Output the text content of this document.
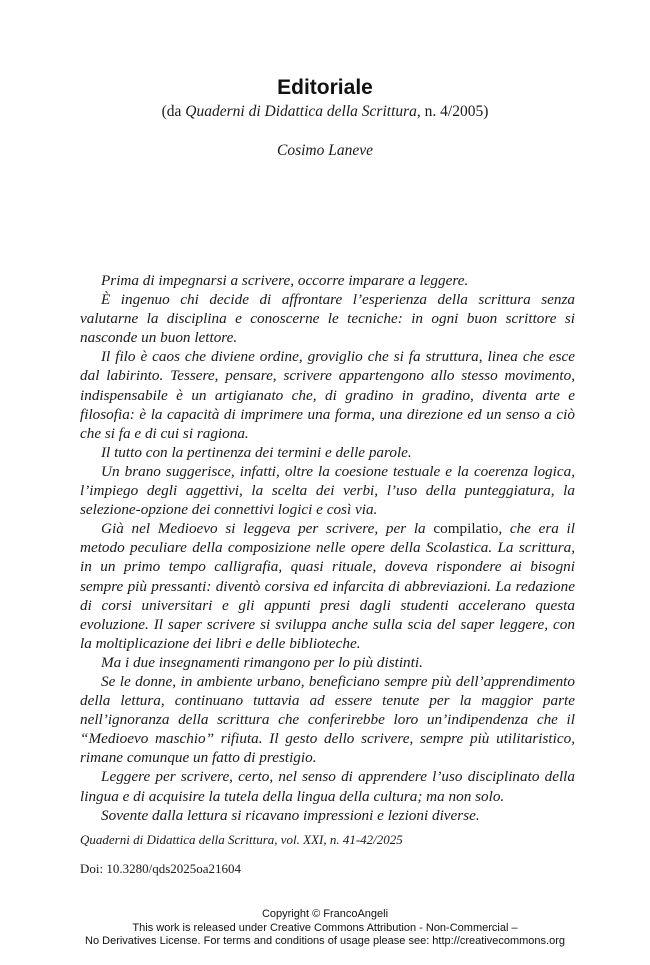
Editoriale
(da Quaderni di Didattica della Scrittura, n. 4/2005)
Cosimo Laneve

Prima di impegnarsi a scrivere, occorre imparare a leggere.

È ingenuo chi decide di affrontare l’esperienza della scrittura senza valutarne la disciplina e conoscerne le tecniche: in ogni buon scrittore si nasconde un buon lettore.

Il filo è caos che diviene ordine, groviglio che si fa struttura, linea che esce dal labirinto. Tessere, pensare, scrivere appartengono allo stesso movimento, indispensabile è un artigianato che, di gradino in gradino, diventa arte e filosofia: è la capacità di imprimere una forma, una direzione ed un senso a ciò che si fa e di cui si ragiona.

Il tutto con la pertinenza dei termini e delle parole.

Un brano suggerisce, infatti, oltre la coesione testuale e la coerenza logica, l’impiego degli aggettivi, la scelta dei verbi, l’uso della punteggiatura, la selezione-opzione dei connettivi logici e così via.

Già nel Medioevo si leggeva per scrivere, per la compilatio, che era il metodo peculiare della composizione nelle opere della Scolastica. La scrittura, in un primo tempo calligrafia, quasi rituale, doveva rispondere ai bisogni sempre più pressanti: diventò corsiva ed infarcita di abbreviazioni. La redazione di corsi universitari e gli appunti presi dagli studenti accelerano questa evoluzione. Il saper scrivere si sviluppa anche sulla scia del saper leggere, con la moltiplicazione dei libri e delle biblioteche.

Ma i due insegnamenti rimangono per lo più distinti.

Se le donne, in ambiente urbano, beneficiano sempre più dell’apprendimento della lettura, continuano tuttavia ad essere tenute per la maggior parte nell’ignoranza della scrittura che conferirebbe loro un’indipendenza che il “Medioevo maschio” rifiuta. Il gesto dello scrivere, sempre più utilitaristico, rimane comunque un fatto di prestigio.

Leggere per scrivere, certo, nel senso di apprendere l’uso disciplinato della lingua e di acquisire la tutela della lingua della cultura; ma non solo.

Sovente dalla lettura si ricavano impressioni e lezioni diverse.

Quaderni di Didattica della Scrittura, vol. XXI, n. 41-42/2025
Doi: 10.3280/qds2025oa21604
Copyright © FrancoAngeli
This work is released under Creative Commons Attribution - Non-Commercial –
No Derivatives License. For terms and conditions of usage please see: http://creativecommons.org
